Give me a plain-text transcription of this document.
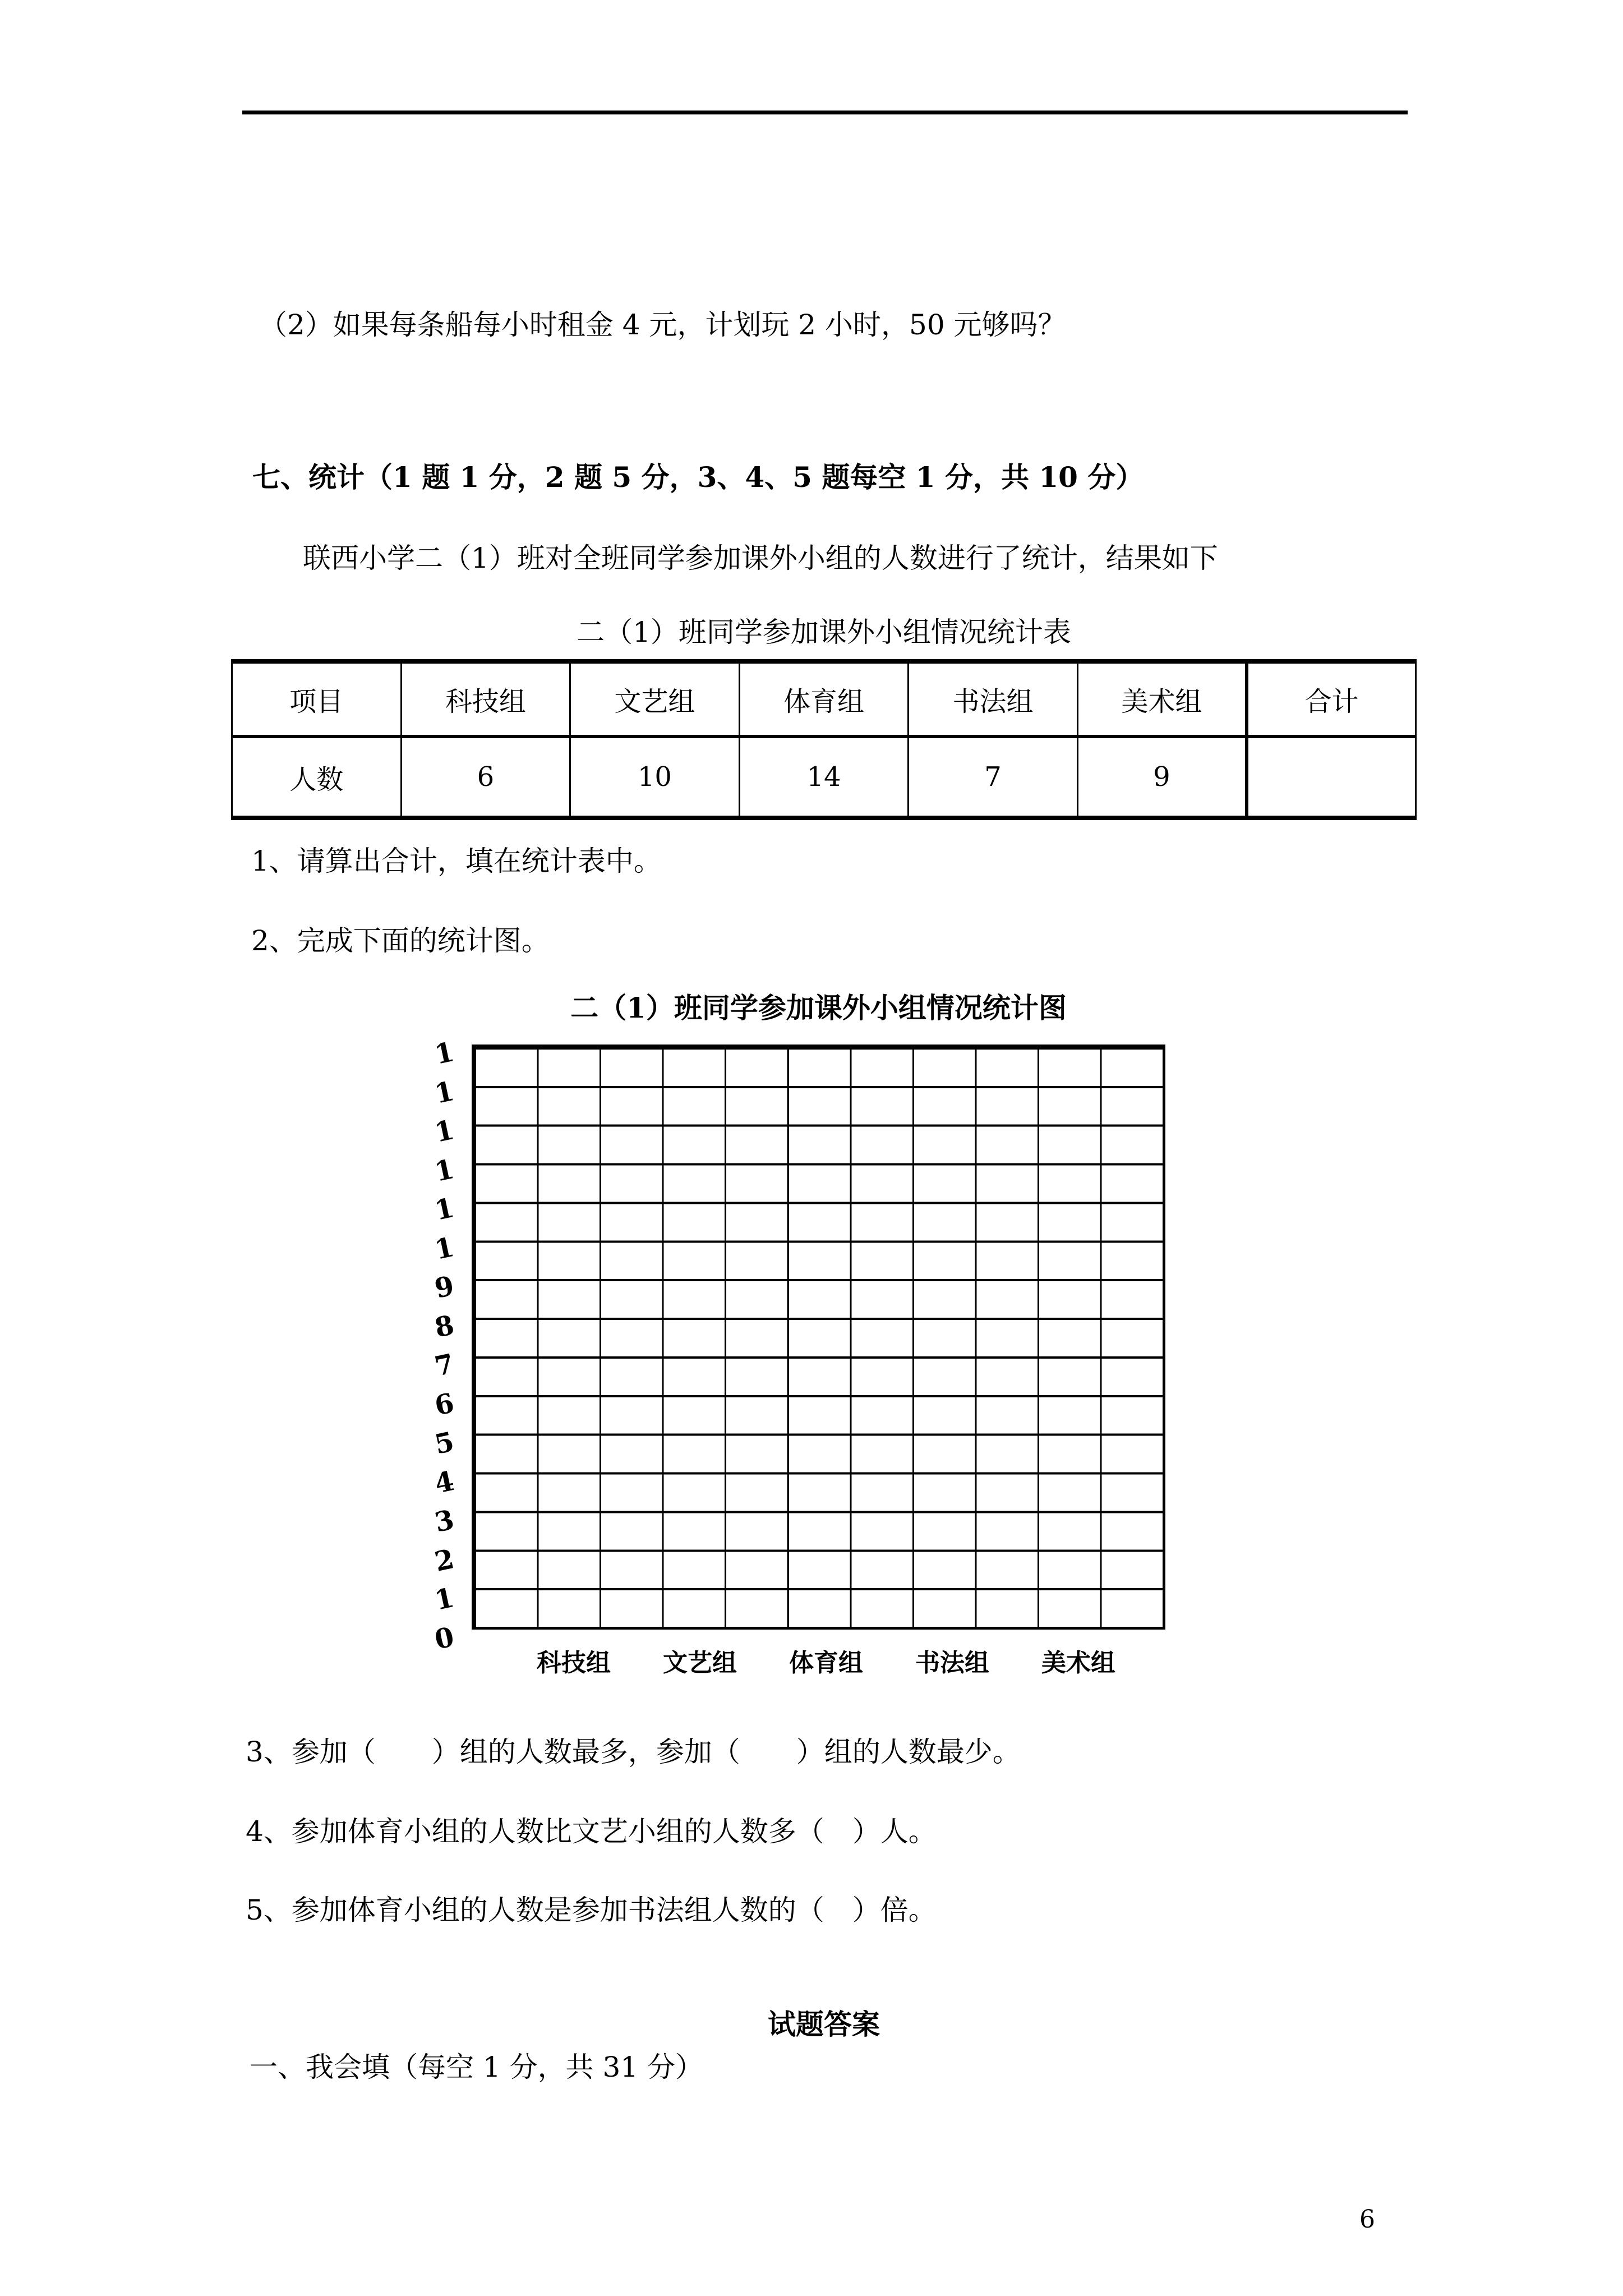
（2）如果每条船每小时租金 4 元，计划玩 2 小时，50 元够吗？
七、统计（1 题 1 分，2 题 5 分，3、4、5 题每空 1 分，共 10 分）
联西小学二（1）班对全班同学参加课外小组的人数进行了统计，结果如下
二（1）班同学参加课外小组情况统计表
项目	科技组	文艺组	体育组	书法组	美术组	合计
人数	6	10	14	7	9	
1、请算出合计，填在统计表中。
2、完成下面的统计图。
二（1）班同学参加课外小组情况统计图
3、参加（　　）组的人数最多，参加（　　）组的人数最少。
4、参加体育小组的人数比文艺小组的人数多（　）人。
5、参加体育小组的人数是参加书法组人数的（　）倍。
试题答案
一、我会填（每空 1 分，共 31 分）
6
1
1
1
1
1
1
9
8
7
6
5
4
3
2
1
0
科技组	文艺组	体育组	书法组	美术组
